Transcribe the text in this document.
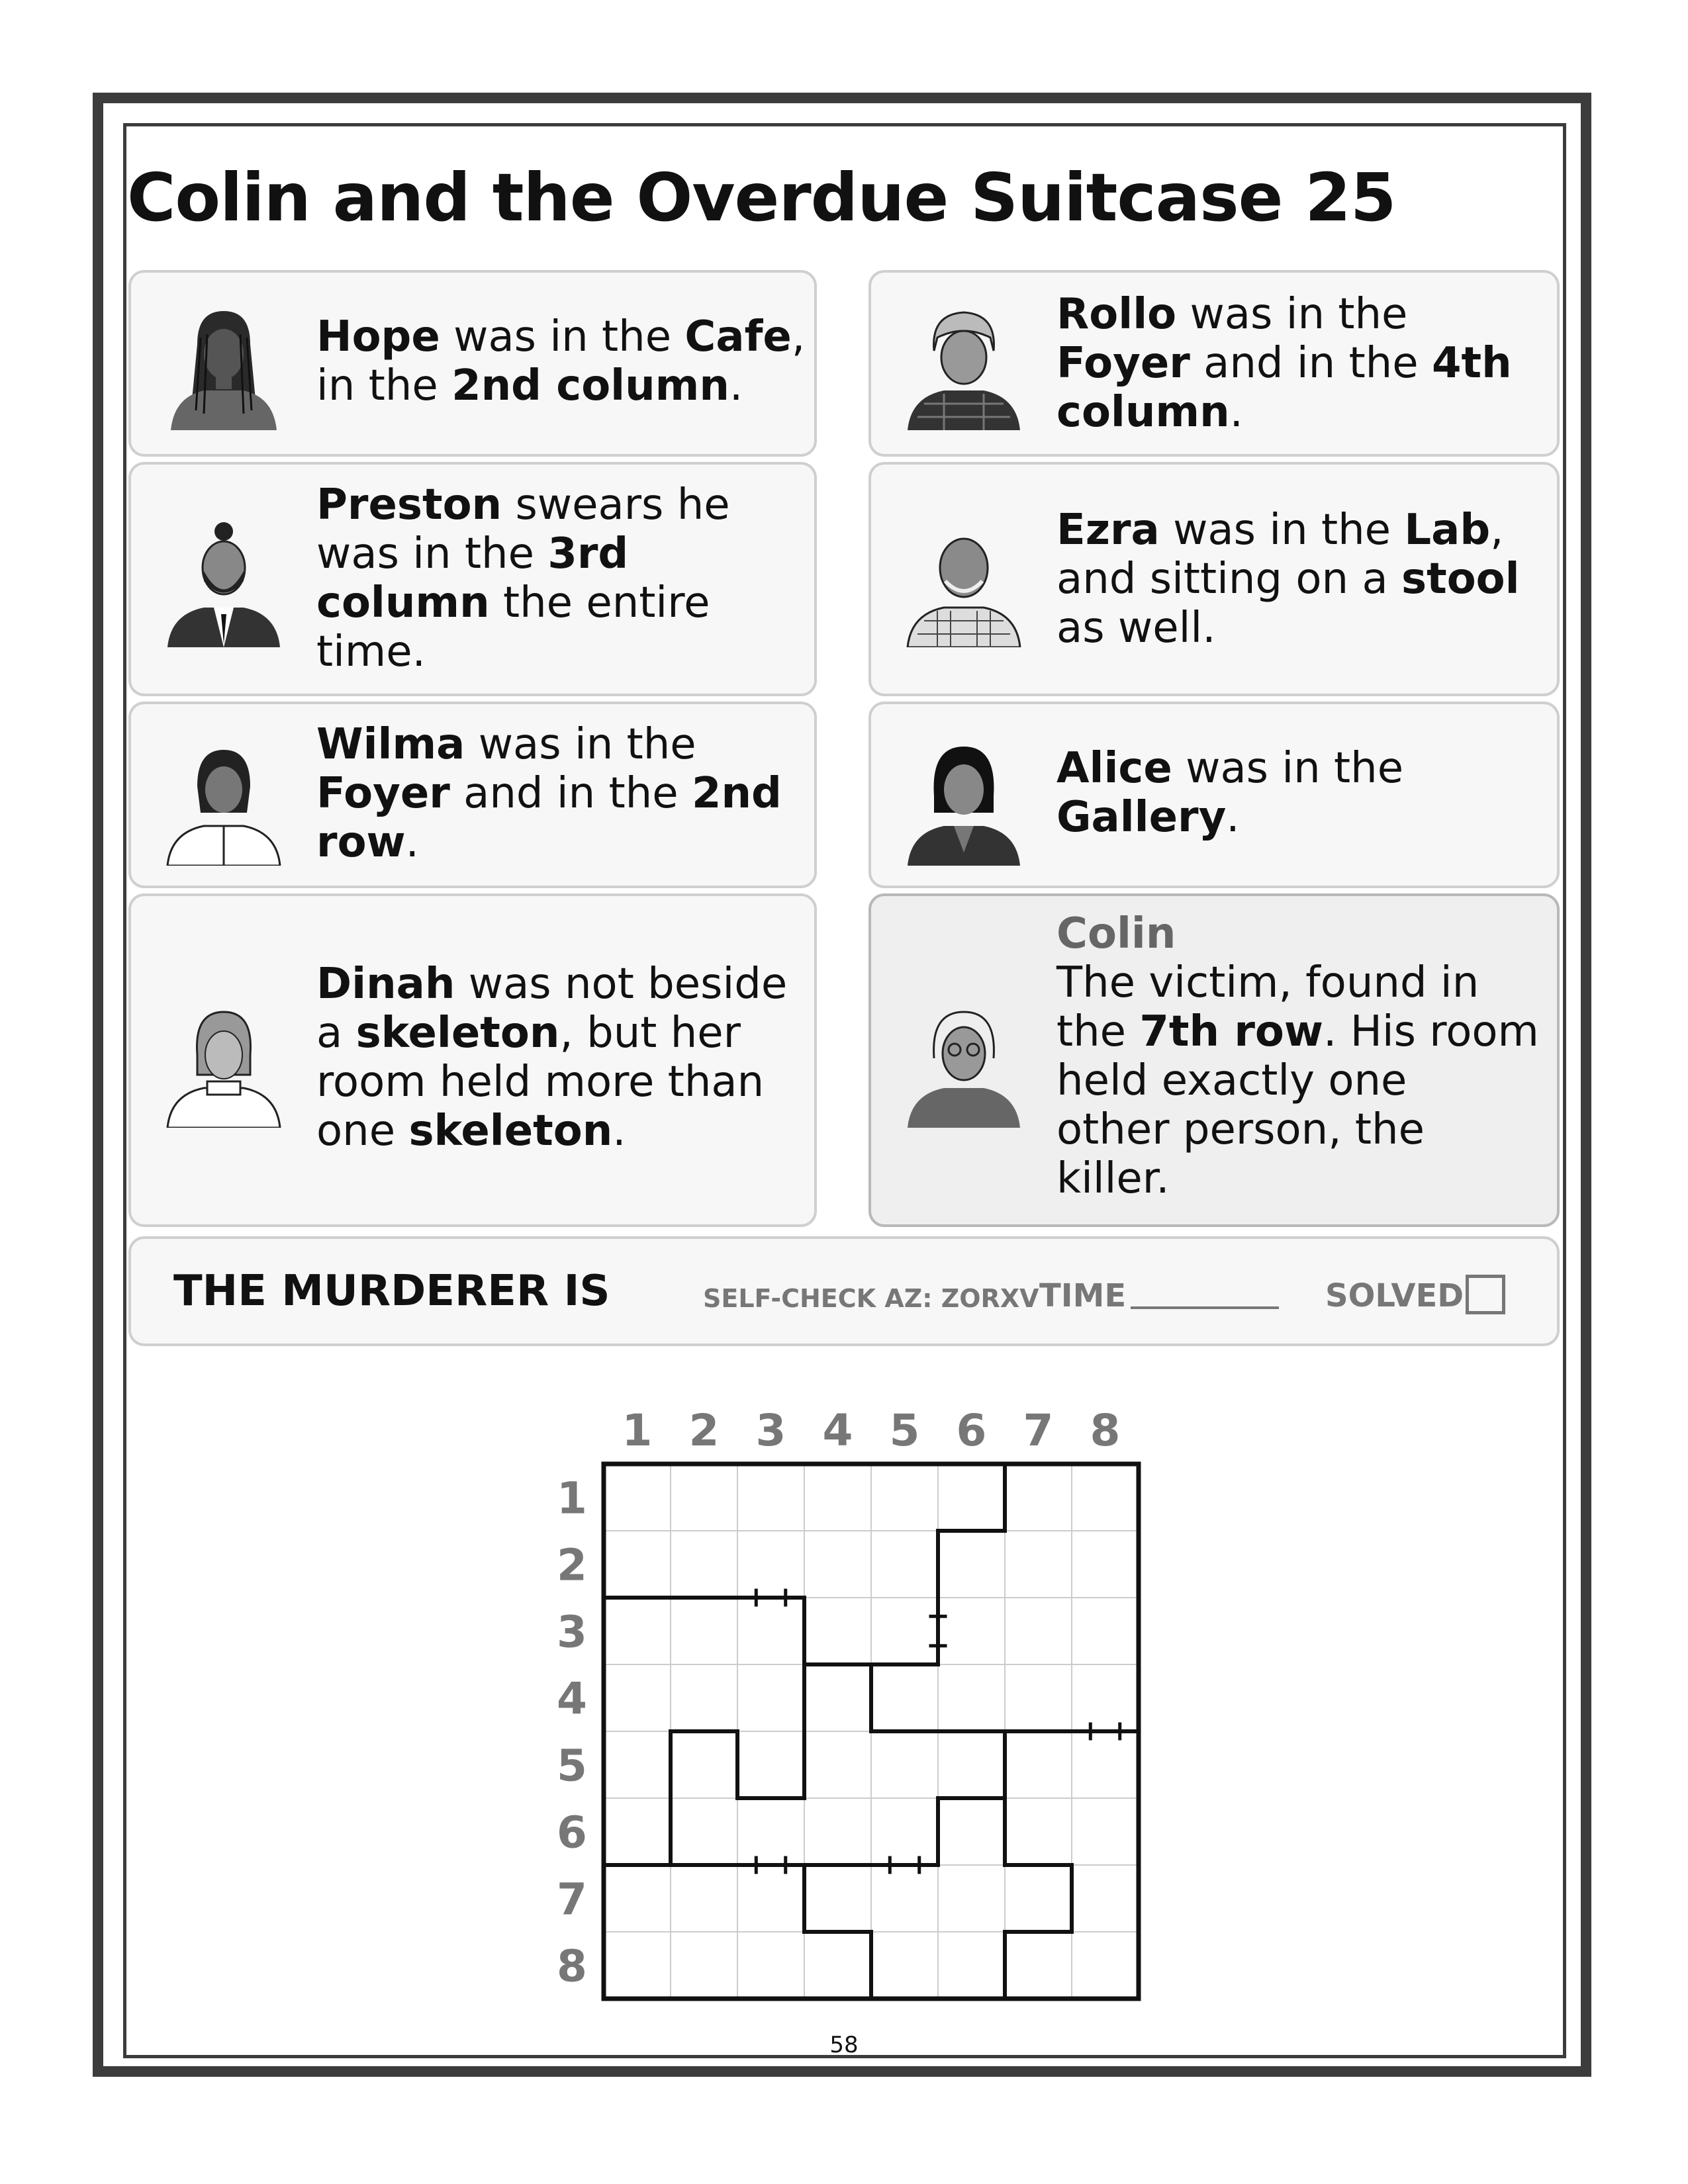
Colin and the Overdue Suitcase 25
Hope was in the Cafe,
in the 2nd column.
Rollo was in the
Foyer and in the 4th
column.
Preston swears he
was in the 3rd
column the entire
time.
Ezra was in the Lab,
and sitting on a stool
as well.
Wilma was in the
Foyer and in the 2nd
row.
Alice was in the
Gallery.
Dinah was not beside
a skeleton, but her
room held more than
one skeleton.
Colin
The victim, found in
the 7th row. His room
held exactly one
other person, the
killer.
THE MURDERER IS	SELF-CHECK AZ: ZORXV TIME	SOLVED
1 2 3 4 5 6 7 8
1
2
3
4
5
6
7
8
58
